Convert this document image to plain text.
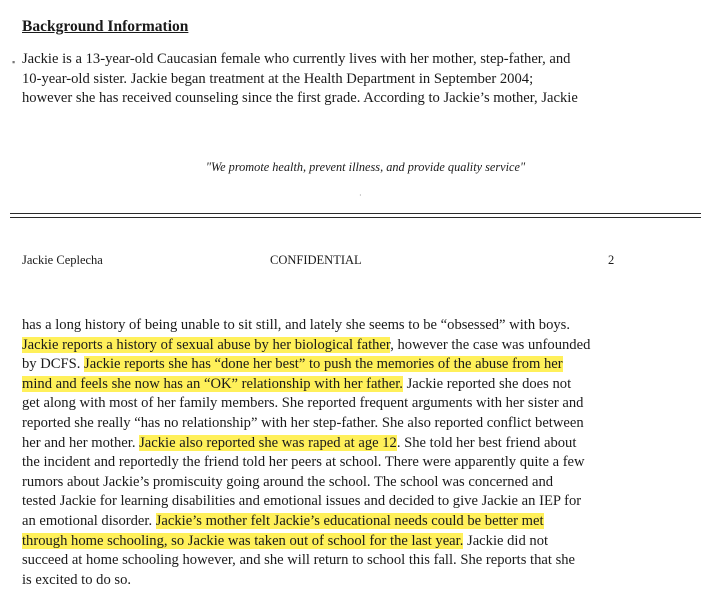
Background Information
▪ Jackie is a 13-year-old Caucasian female who currently lives with her mother, step-father, and
10-year-old sister. Jackie began treatment at the Health Department in September 2004;
however she has received counseling since the first grade. According to Jackie’s mother, Jackie
"We promote health, prevent illness, and provide quality service"
·
Jackie Ceplecha	CONFIDENTIAL	2
has a long history of being unable to sit still, and lately she seems to be “obsessed” with boys.
Jackie reports a history of sexual abuse by her biological father, however the case was unfounded
by DCFS. Jackie reports she has “done her best” to push the memories of the abuse from her
mind and feels she now has an “OK” relationship with her father. Jackie reported she does not
get along with most of her family members. She reported frequent arguments with her sister and
reported she really “has no relationship” with her step-father. She also reported conflict between
her and her mother. Jackie also reported she was raped at age 12. She told her best friend about
the incident and reportedly the friend told her peers at school. There were apparently quite a few
rumors about Jackie’s promiscuity going around the school. The school was concerned and
tested Jackie for learning disabilities and emotional issues and decided to give Jackie an IEP for
an emotional disorder. Jackie’s mother felt Jackie’s educational needs could be better met
through home schooling, so Jackie was taken out of school for the last year. Jackie did not
succeed at home schooling however, and she will return to school this fall. She reports that she
is excited to do so.
